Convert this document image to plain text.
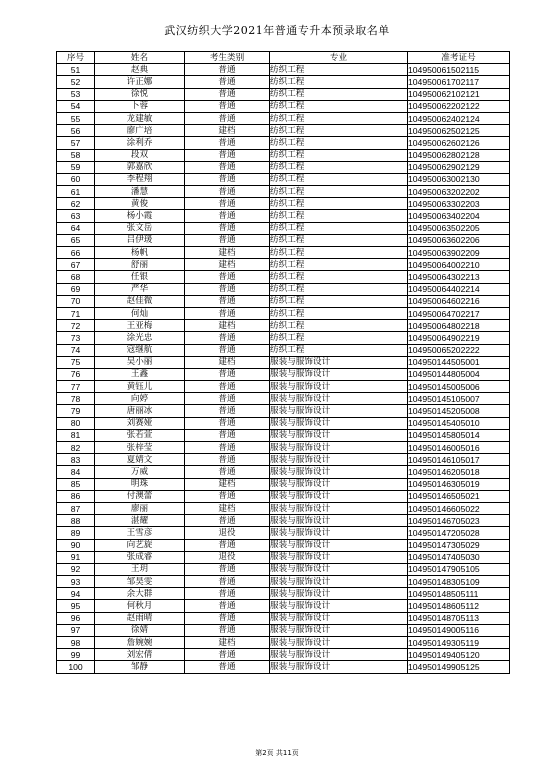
武汉纺织大学2021年普通专升本预录取名单
序号	姓名	考生类别	专业	准考证号
51	赵典	普通	纺织工程	104950061502115
52	许正娜	普通	纺织工程	104950061702117
53	徐悦	普通	纺织工程	104950062102121
54	卜蓉	普通	纺织工程	104950062202122
55	龙建敏	普通	纺织工程	104950062402124
56	廖广培	建档	纺织工程	104950062502125
57	涂利乔	普通	纺织工程	104950062602126
58	段双	普通	纺织工程	104950062802128
59	郭嘉欣	普通	纺织工程	104950062902129
60	李程翔	普通	纺织工程	104950063002130
61	潘慧	普通	纺织工程	104950063202202
62	黄俊	普通	纺织工程	104950063302203
63	杨小霞	普通	纺织工程	104950063402204
64	张文岳	普通	纺织工程	104950063502205
65	吕伊瑗	普通	纺织工程	104950063602206
66	杨帆	建档	纺织工程	104950063902209
67	舒丽	建档	纺织工程	104950064002210
68	任银	普通	纺织工程	104950064302213
69	严华	普通	纺织工程	104950064402214
70	赵佳微	普通	纺织工程	104950064602216
71	何灿	普通	纺织工程	104950064702217
72	王亚梅	建档	纺织工程	104950064802218
73	涂光忠	普通	纺织工程	104950064902219
74	寇继航	普通	纺织工程	104950065202222
75	吴小丽	建档	服装与服饰设计	104950144505001
76	王鑫	普通	服装与服饰设计	104950144805004
77	黄钰儿	普通	服装与服饰设计	104950145005006
78	向婷	普通	服装与服饰设计	104950145105007
79	唐丽冰	普通	服装与服饰设计	104950145205008
80	刘赛娅	普通	服装与服饰设计	104950145405010
81	张若萱	普通	服装与服饰设计	104950145805014
82	张梓莹	普通	服装与服饰设计	104950146005016
83	夏婧文	普通	服装与服饰设计	104950146105017
84	万威	普通	服装与服饰设计	104950146205018
85	明珠	建档	服装与服饰设计	104950146305019
86	付澳蕾	普通	服装与服饰设计	104950146505021
87	廖丽	建档	服装与服饰设计	104950146605022
88	湛耀	普通	服装与服饰设计	104950146705023
89	王雪彦	退役	服装与服饰设计	104950147205028
90	向艺旋	普通	服装与服饰设计	104950147305029
91	张成睿	退役	服装与服饰设计	104950147405030
92	王玥	普通	服装与服饰设计	104950147905105
93	邹昊雯	普通	服装与服饰设计	104950148305109
94	余大群	普通	服装与服饰设计	104950148505111
95	何秋月	普通	服装与服饰设计	104950148605112
96	赵雨晴	普通	服装与服饰设计	104950148705113
97	徐婧	普通	服装与服饰设计	104950149005116
98	詹婉婉	建档	服装与服饰设计	104950149305119
99	刘宏倩	普通	服装与服饰设计	104950149405120
100	邹静	普通	服装与服饰设计	104950149905125
第2页 共11页
